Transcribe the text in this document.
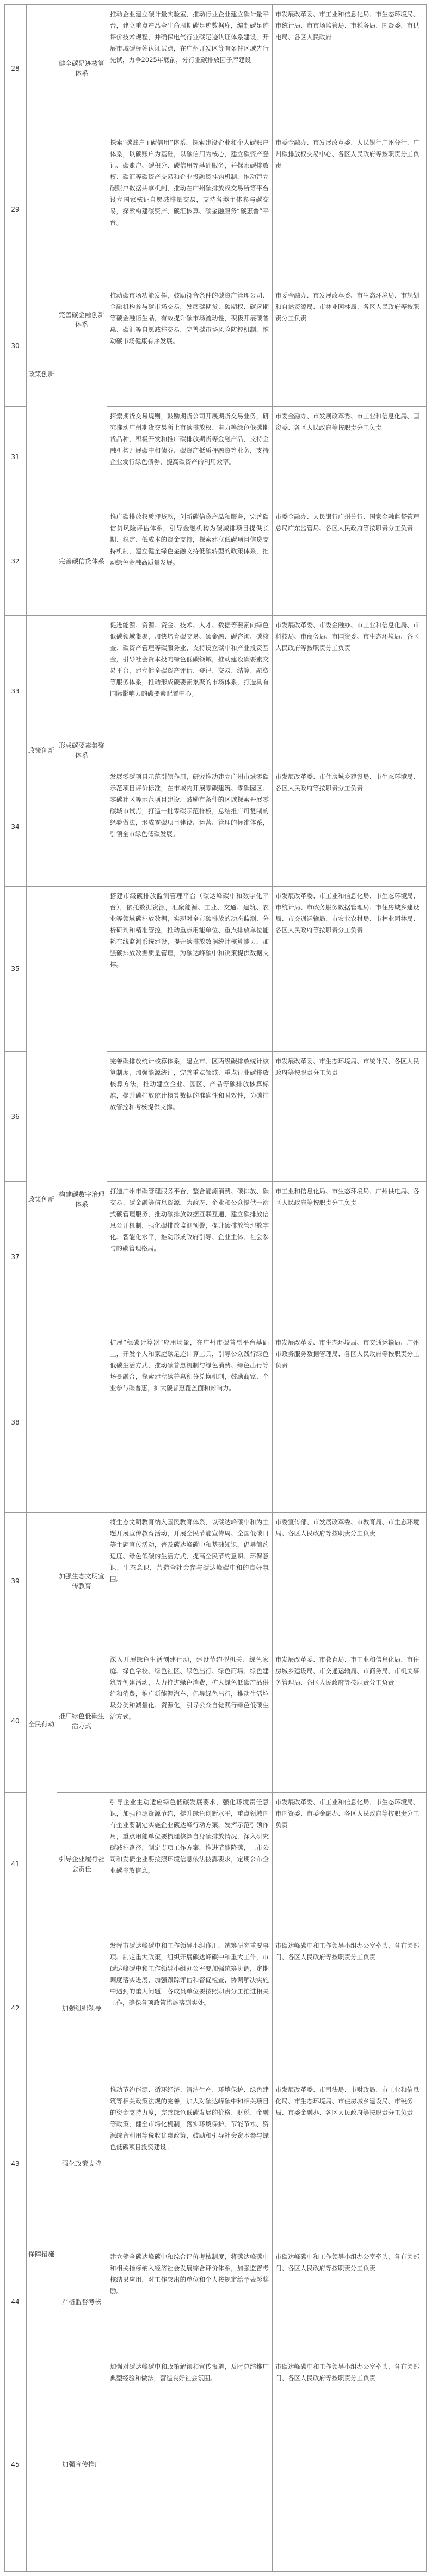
28
推动企业建立碳计量实验室，推动行业企业建立碳计量平台，建立重点产品全生命周期碳足迹数据库，编制碳足迹评价技术规程，并确保电气行业碳足迹认证体系建设，开展市域碳标签认证试点，在广州开发区等有条件区域先行先试，力争2025年底前，分行业碳排放因子库建设
市发展改革委、市工业和信息化局、市生态环境局、市统计局、市市场监管局、市税务局、国资委、市供电局、各区人民政府
29
探索“碳账户+碳信用”体系，探索建设企业和个人碳账户体系，以碳账户为基础，以碳信用为核心，建立碳资产登记、碳账户、碳积分、碳信用等基础服务，并探索碳排放权、碳汇等碳资产交易和企业投融资挂钩机制，推动建立碳账户数据共享机制，推动在广州碳排放权交易所等平台设立国家核证自愿减排量交易，支持各类主体参与碳交易，探索构建碳资产、碳汇核算、碳金融服务“碳惠普”平台。
市委金融办、市发展改革委、人民银行广州分行、广州碳排放权交易中心、各区人民政府等按职责分工负责
30
推动碳市场功能发挥，鼓励符合条件的碳资产管理公司、金融机构参与碳市场交易，发展碳期货、碳期权、碳远期等碳金融衍生品，有效提升碳市场流动性，积极开展碳普惠、碳汇等自愿减排交易，完善碳市场风险防控机制，推动碳市场健康有序发展。
市委金融办、市发展改革委、市生态环境局、市规划和自然资源局、市林业园林局、各区人民政府等按职责分工负责
31
探索期货交易规则，鼓励期货公司开展期货交易业务，研究推动广州期货交易所上市碳排放权、电力等绿色低碳期货品种，积极开发和推广碳排放期货等金融产品，支持金融机构开展碳中和债券、碳资产抵质押融资等业务，支持企业发行绿色债券，提高碳资产的利用效率。
市委金融办、市发展改革委、市工业和信息化局、国资委、各区人民政府等按职责分工负责
32
推广碳排放权质押贷款，创新碳信贷产品和服务，完善碳信贷风险评估体系，引导金融机构为碳减排项目提供长期、稳定、低成本的资金支持，探索建立低碳项目信贷支持机制，建立健全绿色金融支持低碳转型的政策体系，推动绿色金融高质量发展。
市委金融办、人民银行广州分行、国家金融监督管理总局广东监管局、各区人民政府等按职责分工负责
33
促进能源、资源、资金、技术、人才、数据等要素向绿色低碳领域集聚，加快培育碳交易、碳金融、碳咨询、碳核查、碳资产管理等碳服务业，支持设立碳中和产业投资基金，引导社会资本投向绿色低碳领域，推动建设碳要素交易平台，建立健全碳资产评估、登记、交易、结算、融资等服务体系，推动形成碳要素集聚的市场体系，打造具有国际影响力的碳要素配置中心。
市发展改革委、市委金融办、市工业和信息化局、市科技局、市商务局、市国资委、市生态环境局、各区人民政府等按职责分工负责
34
发展零碳项目示范引领作用，研究推动建立广州市域零碳示范项目评价标准，在市域内开展零碳建筑、零碳园区、零碳社区等示范项目建设，鼓励有条件的区域探索开展零碳城市试点，打造一批零碳示范样板，总结推广可复制的经验做法，形成零碳项目建设、运营、管理的标准体系，引领全市绿色低碳发展。
市发展改革委、市住房城乡建设局、市生态环境局、各区人民政府等按职责分工负责
35
搭建市级碳排放监测管理平台（碳达峰碳中和数字化平台），依托数据资源，汇聚能源、工业、交通、建筑、农业等领域碳排放数据，实现对全市碳排放的动态监测、分析研判和精准管控，推动重点用能单位、重点排放单位能耗在线监测系统建设，提升碳排放数据统计核算能力，加强碳排放数据质量管理，为碳达峰碳中和决策提供数据支撑。
市发展改革委、市工业和信息化局、市生态环境局、市统计局、市政务服务数据管理局、市住房城乡建设局、市交通运输局、市农业农村局、市林业园林局、各区人民政府等按职责分工负责
36
完善碳排放统计核算体系，建立市、区两级碳排放统计核算制度，加强能源统计，完善重点领域、重点行业碳排放核算方法，推动建立企业、园区、产品等碳排放核算标准，提升碳排放统计核算数据的准确性和时效性，为碳排放管控和考核提供支撑。
市发展改革委、市生态环境局、市统计局、各区人民政府等按职责分工负责
37
打造广州市碳管理服务平台，整合能源消费、碳排放、碳交易、碳金融等信息资源，为政府、企业和公众提供一站式碳管理服务，推动碳排放数据互联互通，建立碳排放信息公开机制，强化碳排放监测预警，提升碳排放管理数字化、智能化水平，推动形成政府引导、企业主体、社会参与的碳管理格局。
市工业和信息化局、市生态环境局、广州供电局、各区人民政府等按职责分工负责
38
扩展“穗碳计算器”应用场景，在广州市碳普惠平台基础上，开发个人和家庭碳足迹计算工具，引导公众践行绿色低碳生活方式，推动碳普惠机制与绿色消费、绿色出行等场景融合，探索建立碳普惠积分兑换机制，鼓励商家、企业参与碳普惠，扩大碳普惠覆盖面和影响力。
市发展改革委、市生态环境局、市交通运输局、广州市政务服务数据管理局、各区人民政府等按职责分工负责
39
将生态文明教育纳入国民教育体系，以碳达峰碳中和为主题开展宣传教育活动，开展全民节能宣传周、全国低碳日等主题宣传活动，普及碳达峰碳中和基础知识，倡导简约适度、绿色低碳的生活方式，提高全民节约意识、环保意识、生态意识，营造全社会参与碳达峰碳中和的良好氛围。
市委宣传部、市发展改革委、市教育局、市生态环境局、各区人民政府等按职责分工负责
40
深入开展绿色生活创建行动，建设节约型机关、绿色家庭、绿色学校、绿色社区、绿色出行、绿色商场、绿色建筑等创建活动，大力推进绿色消费，扩大绿色低碳产品供给和消费，推广新能源汽车，倡导绿色出行，推动生活垃圾分类和减量化、资源化，引导公众自觉践行绿色低碳生活方式。
市发展改革委、市教育局、市工业和信息化局、市住房城乡建设局、市交通运输局、市商务局、市机关事务管理局、各区人民政府等按职责分工负责
41
引导企业主动适应绿色低碳发展要求，强化环境责任意识，加强能源资源节约，提升绿色创新水平，重点领域国有企业要制定实施企业碳达峰行动方案，发挥示范引领作用，重点用能单位要梳理核算自身碳排放情况，深入研究碳减排路径，制定专项工作方案，推进节能降碳，上市公司和发债企业要按照环境信息依法披露要求，定期公布企业碳排放信息。
市发展改革委、市工业和信息化局、市生态环境局、市国资委、市委金融办、各区人民政府等按职责分工负责
42
发挥市碳达峰碳中和工作领导小组作用，统筹研究重要事项、制定重大政策，组织开展碳达峰碳中和重大工作，市碳达峰碳中和工作领导小组办公室要加强统筹协调，定期调度落实进展，加强跟踪评估和督促检查，协调解决实施中遇到的重大问题，各成员单位要按照职责分工推进相关工作，确保各项政策措施落到实处。
市碳达峰碳中和工作领导小组办公室牵头，各有关部门、各区人民政府等按职责分工负责
43
推动节约能源、循环经济、清洁生产、环境保护、绿色建筑等相关政策法规的完善，加大对碳达峰碳中和相关项目的资金支持力度，完善绿色低碳发展的价格、财税、金融等政策，健全市场化机制，落实环境保护、节能节水、资源综合利用等税收优惠政策，鼓励和引导社会资本参与绿色低碳项目投资建设。
市发展改革委、市司法局、市财政局、市工业和信息化局、市生态环境局、市住房城乡建设局、市税务局、市委金融办、各区人民政府等按职责分工负责
44
建立健全碳达峰碳中和综合评价考核制度，将碳达峰碳中和相关指标纳入经济社会发展综合评价体系，加强监督考核结果应用，对工作突出的单位和个人按规定给予表彰奖励。
市碳达峰碳中和工作领导小组办公室牵头，各有关部门、各区人民政府等按职责分工负责
45
加强对碳达峰碳中和政策解读和宣传报道，及时总结推广典型经验和做法，营造良好社会氛围。
市碳达峰碳中和工作领导小组办公室牵头，各有关部门、各区人民政府等按职责分工负责
政策创新
政策创新
政策创新
全民行动
保障措施
健全碳足迹核算体系
完善碳金融创新体系
完善碳信贷体系
形成碳要素集聚体系
构建碳数字治理体系
加强生态文明宣传教育
推广绿色低碳生活方式
引导企业履行社会责任
加强组织领导
强化政策支持
严格监督考核
加强宣传推广
